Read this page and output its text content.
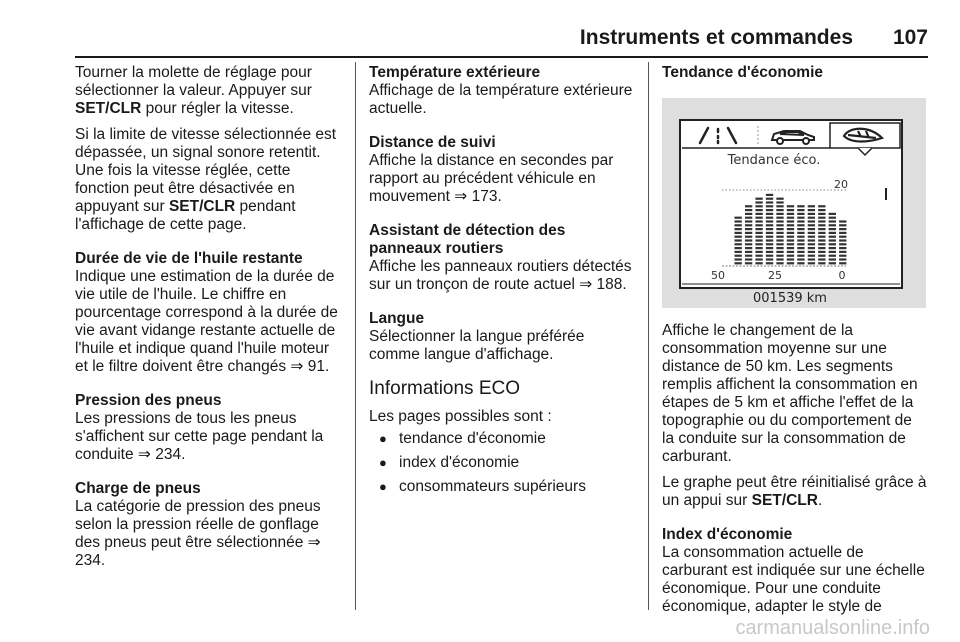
Instruments et commandes 107

Tourner la molette de réglage pour sélectionner la valeur. Appuyer sur SET/CLR pour régler la vitesse.

Si la limite de vitesse sélectionnée est dépassée, un signal sonore retentit. Une fois la vitesse réglée, cette fonction peut être désactivée en appuyant sur SET/CLR pendant l'affichage de cette page.

Durée de vie de l'huile restante
Indique une estimation de la durée de vie utile de l'huile. Le chiffre en pourcentage correspond à la durée de vie avant vidange restante actuelle de l'huile et indique quand l'huile moteur et le filtre doivent être changés ⇒ 91.

Pression des pneus
Les pressions de tous les pneus s'affichent sur cette page pendant la conduite ⇒ 234.

Charge de pneus
La catégorie de pression des pneus selon la pression réelle de gonflage des pneus peut être sélectionnée ⇒ 234.

Température extérieure
Affichage de la température extérieure actuelle.

Distance de suivi
Affiche la distance en secondes par rapport au précédent véhicule en mouvement ⇒ 173.

Assistant de détection des panneaux routiers
Affiche les panneaux routiers détectés sur un tronçon de route actuel ⇒ 188.

Langue
Sélectionner la langue préférée comme langue d'affichage.

Informations ECO

Les pages possibles sont :

● tendance d'économie
● index d'économie
● consommateurs supérieurs
Tendance d'économie
Tendance éco.
20
50	25	0
001539 km

Affiche le changement de la consommation moyenne sur une distance de 50 km. Les segments remplis affichent la consommation en étapes de 5 km et affiche l'effet de la topographie ou du comportement de la conduite sur la consommation de carburant.

Le graphe peut être réinitialisé grâce à un appui sur SET/CLR.

Index d'économie
La consommation actuelle de carburant est indiquée sur une échelle économique. Pour une conduite économique, adapter le style de

carmanualsonline.info
